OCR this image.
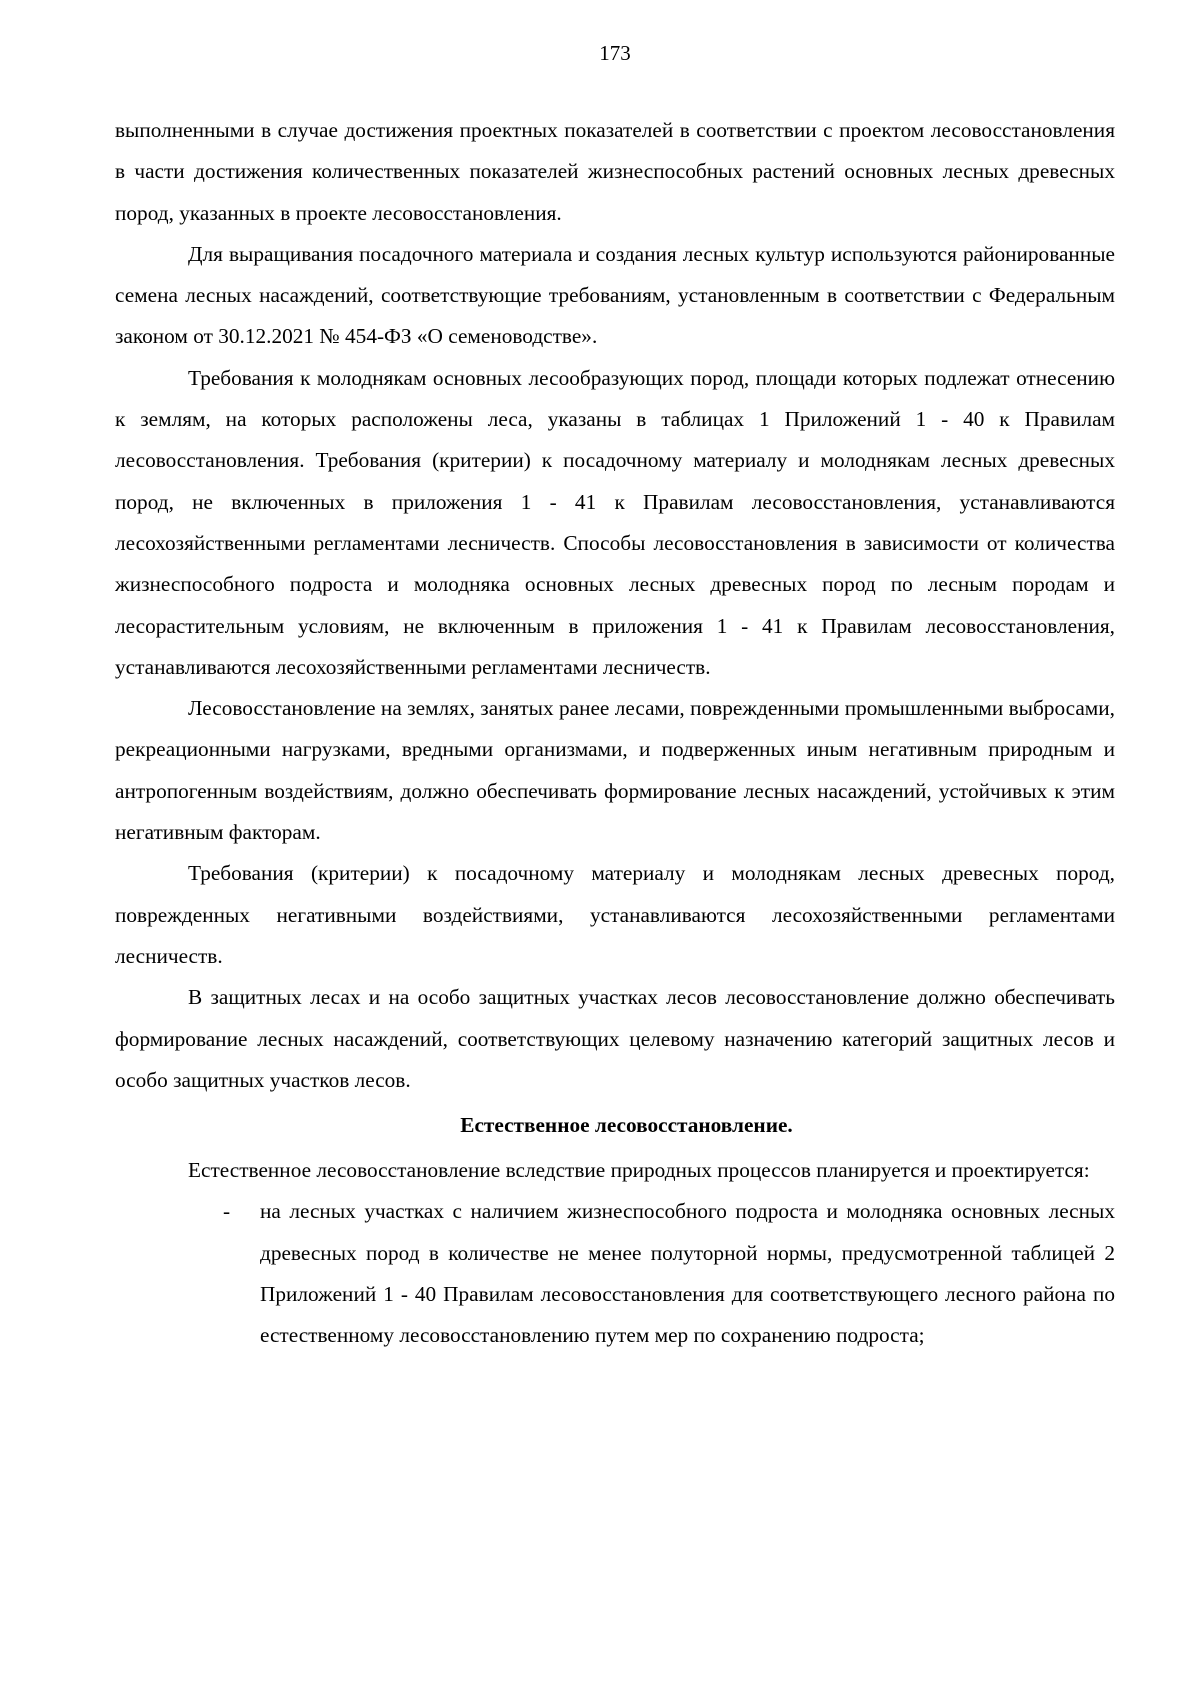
173

выполненными в случае достижения проектных показателей в соответствии с проектом лесовосстановления в части достижения количественных показателей жизнеспособных растений основных лесных древесных пород, указанных в проекте лесовосстановления.

Для выращивания посадочного материала и создания лесных культур используются районированные семена лесных насаждений, соответствующие требованиям, установленным в соответствии с Федеральным законом от 30.12.2021 № 454-ФЗ «О семеноводстве».

Требования к молоднякам основных лесообразующих пород, площади которых подлежат отнесению к землям, на которых расположены леса, указаны в таблицах 1 Приложений 1 - 40 к Правилам лесовосстановления. Требования (критерии) к посадочному материалу и молоднякам лесных древесных пород, не включенных в приложения 1 - 41 к Правилам лесовосстановления, устанавливаются лесохозяйственными регламентами лесничеств. Способы лесовосстановления в зависимости от количества жизнеспособного подроста и молодняка основных лесных древесных пород по лесным породам и лесорастительным условиям, не включенным в приложения 1 - 41 к Правилам лесовосстановления, устанавливаются лесохозяйственными регламентами лесничеств.

Лесовосстановление на землях, занятых ранее лесами, поврежденными промышленными выбросами, рекреационными нагрузками, вредными организмами, и подверженных иным негативным природным и антропогенным воздействиям, должно обеспечивать формирование лесных насаждений, устойчивых к этим негативным факторам.

Требования (критерии) к посадочному материалу и молоднякам лесных древесных пород, поврежденных негативными воздействиями, устанавливаются лесохозяйственными регламентами лесничеств.

В защитных лесах и на особо защитных участках лесов лесовосстановление должно обеспечивать формирование лесных насаждений, соответствующих целевому назначению категорий защитных лесов и особо защитных участков лесов.

Естественное лесовосстановление.

Естественное лесовосстановление вследствие природных процессов планируется и проектируется:

- на лесных участках с наличием жизнеспособного подроста и молодняка основных лесных древесных пород в количестве не менее полуторной нормы, предусмотренной таблицей 2 Приложений 1 - 40 Правилам лесовосстановления для соответствующего лесного района по естественному лесовосстановлению путем мер по сохранению подроста;
